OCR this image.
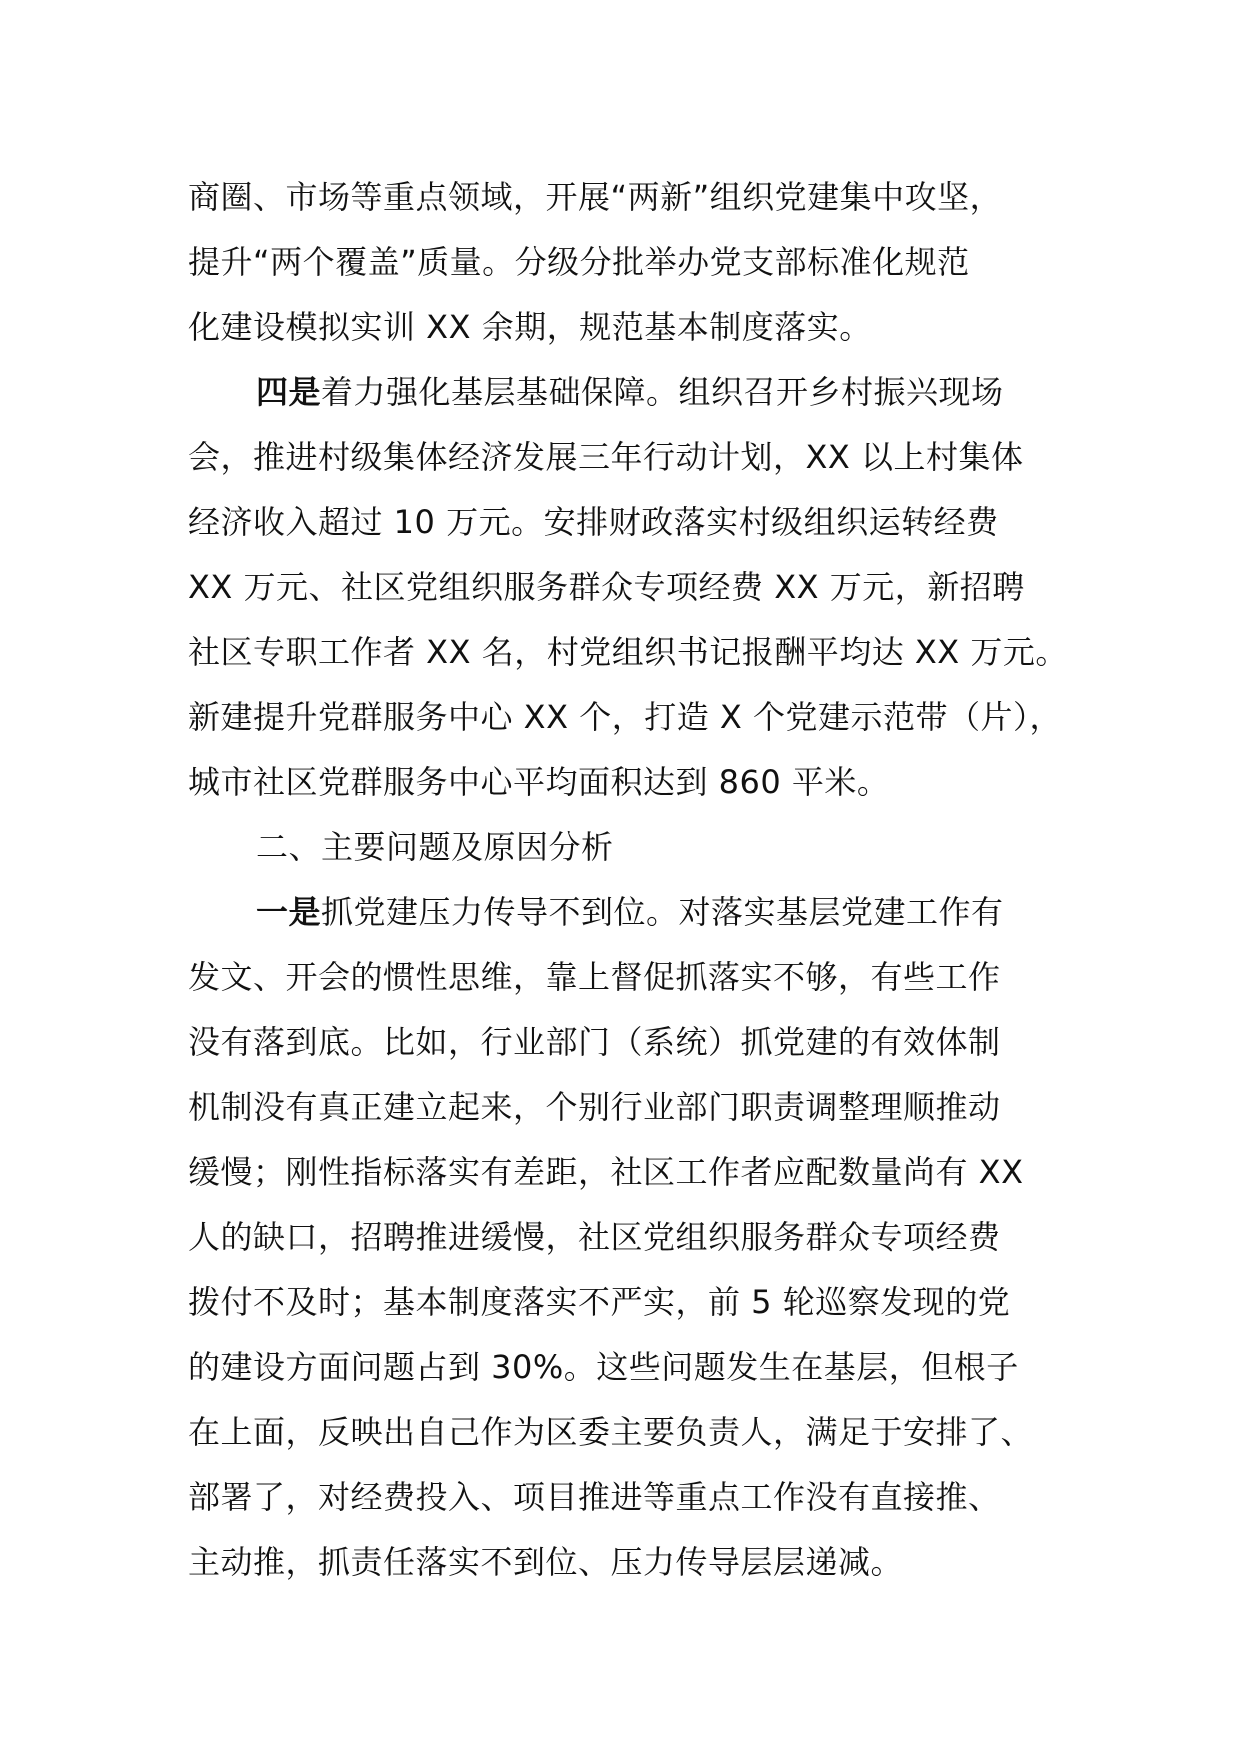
商圈、市场等重点领域，开展“两新”组织党建集中攻坚，
提升“两个覆盖”质量。分级分批举办党支部标准化规范
化建设模拟实训 XX 余期，规范基本制度落实。
四是着力强化基层基础保障。组织召开乡村振兴现场
会，推进村级集体经济发展三年行动计划，XX 以上村集体
经济收入超过 10 万元。安排财政落实村级组织运转经费
XX 万元、社区党组织服务群众专项经费 XX 万元，新招聘
社区专职工作者 XX 名，村党组织书记报酬平均达 XX 万元。
新建提升党群服务中心 XX 个，打造 X 个党建示范带（片），
城市社区党群服务中心平均面积达到 860 平米。
二、主要问题及原因分析
一是抓党建压力传导不到位。对落实基层党建工作有
发文、开会的惯性思维，靠上督促抓落实不够，有些工作
没有落到底。比如，行业部门（系统）抓党建的有效体制
机制没有真正建立起来，个别行业部门职责调整理顺推动
缓慢；刚性指标落实有差距，社区工作者应配数量尚有 XX
人的缺口，招聘推进缓慢，社区党组织服务群众专项经费
拨付不及时；基本制度落实不严实，前 5 轮巡察发现的党
的建设方面问题占到 30%。这些问题发生在基层，但根子
在上面，反映出自己作为区委主要负责人，满足于安排了、
部署了，对经费投入、项目推进等重点工作没有直接推、
主动推，抓责任落实不到位、压力传导层层递减。
